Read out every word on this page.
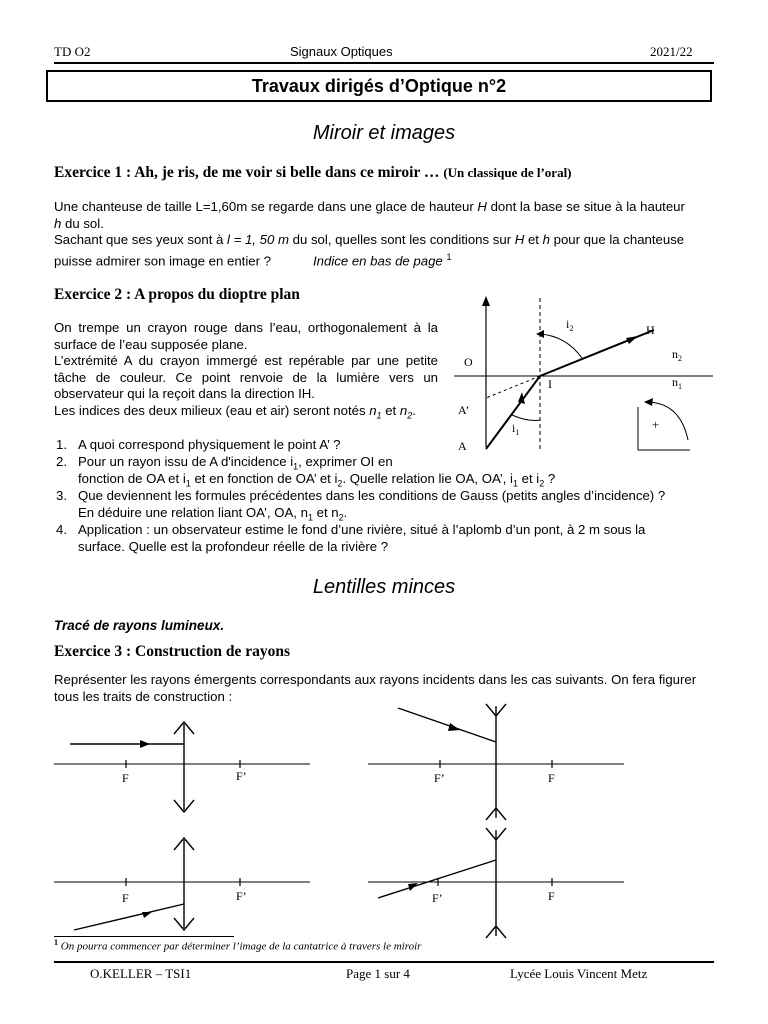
TD O2	Signaux Optiques	2021/22
Travaux dirigés d’Optique n°2
Miroir et images
Exercice 1 : Ah, je ris, de me voir si belle dans ce miroir … (Un classique de l’oral)
Une chanteuse de taille L=1,60m se regarde dans une glace de hauteur H dont la base se situe à la hauteur
h du sol.
Sachant que ses yeux sont à l = 1, 50 m du sol, quelles sont les conditions sur H et h pour que la chanteuse
puisse admirer son image en entier ?	Indice en bas de page $^1$
Exercice 2 : A propos du dioptre plan
On trempe un crayon rouge dans l’eau, orthogonalement à la surface de l’eau supposée plane.
L’extrémité A du crayon immergé est repérable par une petite tâche de couleur. Ce point renvoie de la lumière vers un observateur qui la reçoit dans la direction IH.
Les indices des deux milieux (eau et air) seront notés $n_1$ et $n_2$.
1. A quoi correspond physiquement le point A’ ?
2. Pour un rayon issu de A d'incidence $i_1$, exprimer OI en
fonction de OA et $i_1$ et en fonction de OA’ et $i_2$. Quelle relation lie OA, OA’, $i_1$ et $i_2$ ?
3. Que deviennent les formules précédentes dans les conditions de Gauss (petits angles d’incidence) ?
En déduire une relation liant OA’, OA, $n_1$ et $n_2$.
4. Application : un observateur estime le fond d’une rivière, situé à l’aplomb d’un pont, à 2 m sous la
surface. Quelle est la profondeur réelle de la rivière ?
$i_2$	H
$n_2$
O
I	$n_1$
A’
$i_1$
A
+
Lentilles minces
Tracé de rayons lumineux.
Exercice 3 : Construction de rayons
Représenter les rayons émergents correspondants aux rayons incidents dans les cas suivants. On fera figurer
tous les traits de construction :
F	F’	F’	F
F	F’	F’	F
$^1$ On pourra commencer par déterminer l’image de la cantatrice à travers le miroir
O.KELLER – TSI1	Page 1 sur 4	Lycée Louis Vincent Metz
